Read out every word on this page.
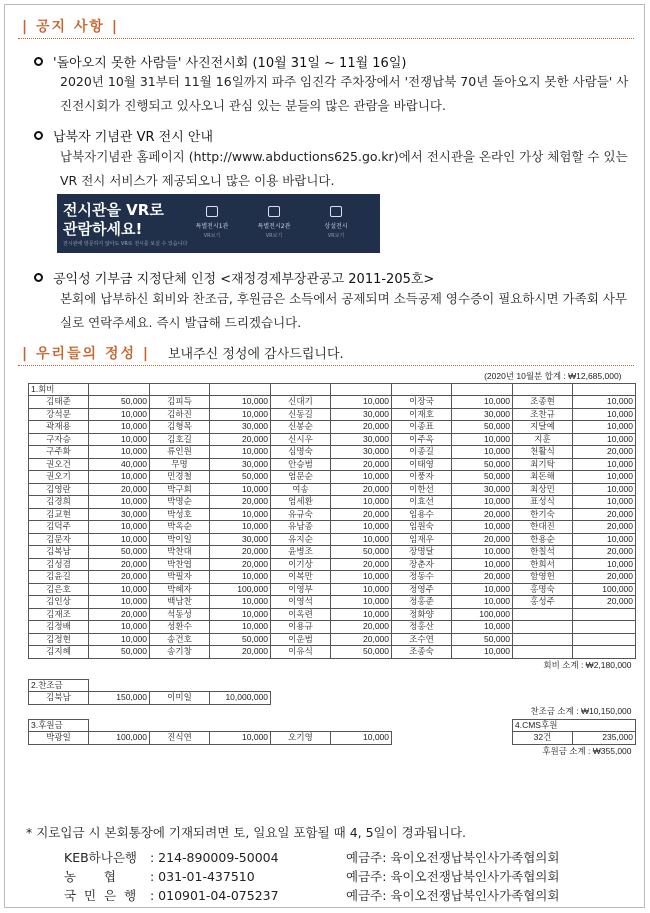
| 공지 사항 |
'돌아오지 못한 사람들' 사진전시회 (10월 31일 ~ 11월 16일)
2020년 10월 31부터 11월 16일까지 파주 임진각 주차장에서 '전쟁납북 70년 돌아오지 못한 사람들' 사진전시회가 진행되고 있사오니 관심 있는 분들의 많은 관람을 바랍니다.
납북자 기념관 VR 전시 안내
납북자기념관 홈페이지 (http://www.abductions625.go.kr)에서 전시관을 온라인 가상 체험할 수 있는 VR 전시 서비스가 제공되오니 많은 이용 바랍니다.
전시관을 VR로 관람하세요!
전시관에 방문하지 않아도 VR로 전시를 보실 수 있습니다
특별전시1관
VR보기
특별전시2관
VR보기
상설전시
VR보기
공익성 기부금 지정단체 인정 <재정경제부장관공고 2011-205호>
본회에 납부하신 회비와 찬조금, 후원금은 소득에서 공제되며 소득공제 영수증이 필요하시면 가족회 사무실로 연락주세요. 즉시 발급해 드리겠습니다.
| 우리들의 정성 | 보내주신 정성에 감사드립니다.
(2020년 10월분 합계 : ₩12,685,000)									
1.회비									
김태준	50,000	김피득	10,000	신대기	10,000	이장국	10,000	조종현	10,000
강석문	10,000	김하진	10,000	신동길	30,000	이재호	30,000	조찬규	10,000
곽재용	10,000	김형목	30,000	신봉순	20,000	이종표	50,000	지달예	10,000
구자승	10,000	김호길	20,000	신시우	30,000	이주옥	10,000	지훈	10,000
구주화	10,000	류인원	10,000	심명숙	30,000	이종길	10,000	천활식	20,000
권오건	40,000	무명	30,000	안승범	20,000	이태영	50,000	최기탁	10,000
권오기	10,000	민경철	50,000	엄문순	10,000	이풍자	50,000	최돈해	10,000
김영란	20,000	박구회	10,000	여송	20,000	이한선	30,000	최상민	10,000
김경희	10,000	박명순	20,000	엄세환	10,000	이효선	10,000	표성식	10,000
김교현	30,000	박성호	10,000	유규숙	20,000	임용수	20,000	한기숙	20,000
김덕주	10,000	박옥순	10,000	유남종	10,000	임원숙	10,000	한대진	20,000
김문자	10,000	박이일	30,000	유지순	10,000	임재우	20,000	한용순	10,000
김복남	50,000	박찬대	20,000	윤병조	50,000	장명달	10,000	한칠석	20,000
김성겸	20,000	박찬엽	20,000	이기상	20,000	장춘자	10,000	한희서	10,000
김윤길	20,000	박필자	10,000	이복만	10,000	정동수	20,000	함영헌	20,000
김은호	10,000	박혜자	100,000	이영부	10,000	정영주	10,000	홍명숙	100,000
김인상	10,000	백남찬	10,000	이영석	10,000	정홍준	10,000	홍성주	20,000
김재조	20,000	석동성	10,000	이옥련	10,000	정화양	100,000		
김정배	10,000	성환수	10,000	이용규	20,000	정홍산	10,000		
김정현	10,000	송건호	50,000	이운범	20,000	조수연	50,000		
김지혜	50,000	송기창	20,000	이유식	50,000	조종숙	10,000		
회비 소계 : ₩2,180,000									

2.찬조금									
김북남	150,000	이미일	10,000,000						
찬조금 소계 : ₩10,150,000									
3.후원금								4.CMS후원	
박광일	100,000	진식연	10,000	오기영	10,000			32건	235,000
후원금 소계 : ₩355,000									
* 지로입금 시 본회통장에 기재되려면 토, 일요일 포함될 때 4, 5일이 경과됩니다.
KEB하나은행 : 214-890009-50004	예금주: 육이오전쟁납북인사가족협의회
농       협	: 031-01-437510	예금주: 육이오전쟁납북인사가족협의회
국  민  은  행 : 010901-04-075237	예금주: 육이오전쟁납북인사가족협의회
